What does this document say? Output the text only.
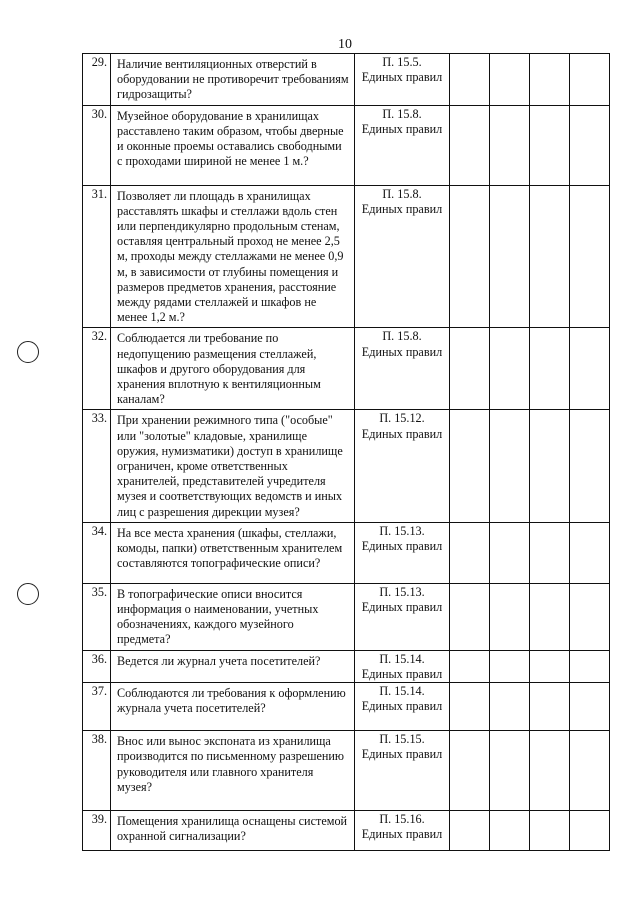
10
29.	Наличие вентиляционных отверстий в оборудовании не противоречит требованиям гидрозащиты?	П. 15.5.
Единых правил				

30.	Музейное оборудование в хранилищах расставлено таким образом, чтобы дверные и оконные проемы оставались свободными с проходами шириной не менее 1 м.?	П. 15.8.
Единых правил				

31.	Позволяет ли площадь в хранилищах расставлять шкафы и стеллажи вдоль стен или перпендикулярно продольным стенам, оставляя центральный проход не менее 2,5 м, проходы между стеллажами не менее 0,9 м, в зависимости от глубины помещения и размеров предметов хранения, расстояние между рядами стеллажей и шкафов не менее 1,2 м.?	П. 15.8.
Единых правил				

32.	Соблюдается ли требование по недопущению размещения стеллажей, шкафов и другого оборудования для хранения вплотную к вентиляционным каналам?	П. 15.8.
Единых правил				

33.	При хранении режимного типа ("особые" или "золотые" кладовые, хранилище оружия, нумизматики) доступ в хранилище ограничен, кроме ответственных хранителей, представителей учредителя музея и соответствующих ведомств и иных лиц с разрешения дирекции музея?	П. 15.12.
Единых правил				

34.	На все места хранения (шкафы, стеллажи, комоды, папки) ответственным хранителем составляются топографические описи?	П. 15.13.
Единых правил				

35.	В топографические описи вносится информация о наименовании, учетных обозначениях, каждого музейного предмета?	П. 15.13.
Единых правил				

36.	Ведется ли журнал учета посетителей?	П. 15.14.
Единых правил				

37.	Соблюдаются ли требования к оформлению журнала учета посетителей?	П. 15.14.
Единых правил				

38.	Внос или вынос экспоната из хранилища производится по письменному разрешению руководителя или главного хранителя музея?	П. 15.15.
Единых правил				

39.	Помещения хранилища оснащены системой охранной сигнализации?	П. 15.16.
Единых правил				
